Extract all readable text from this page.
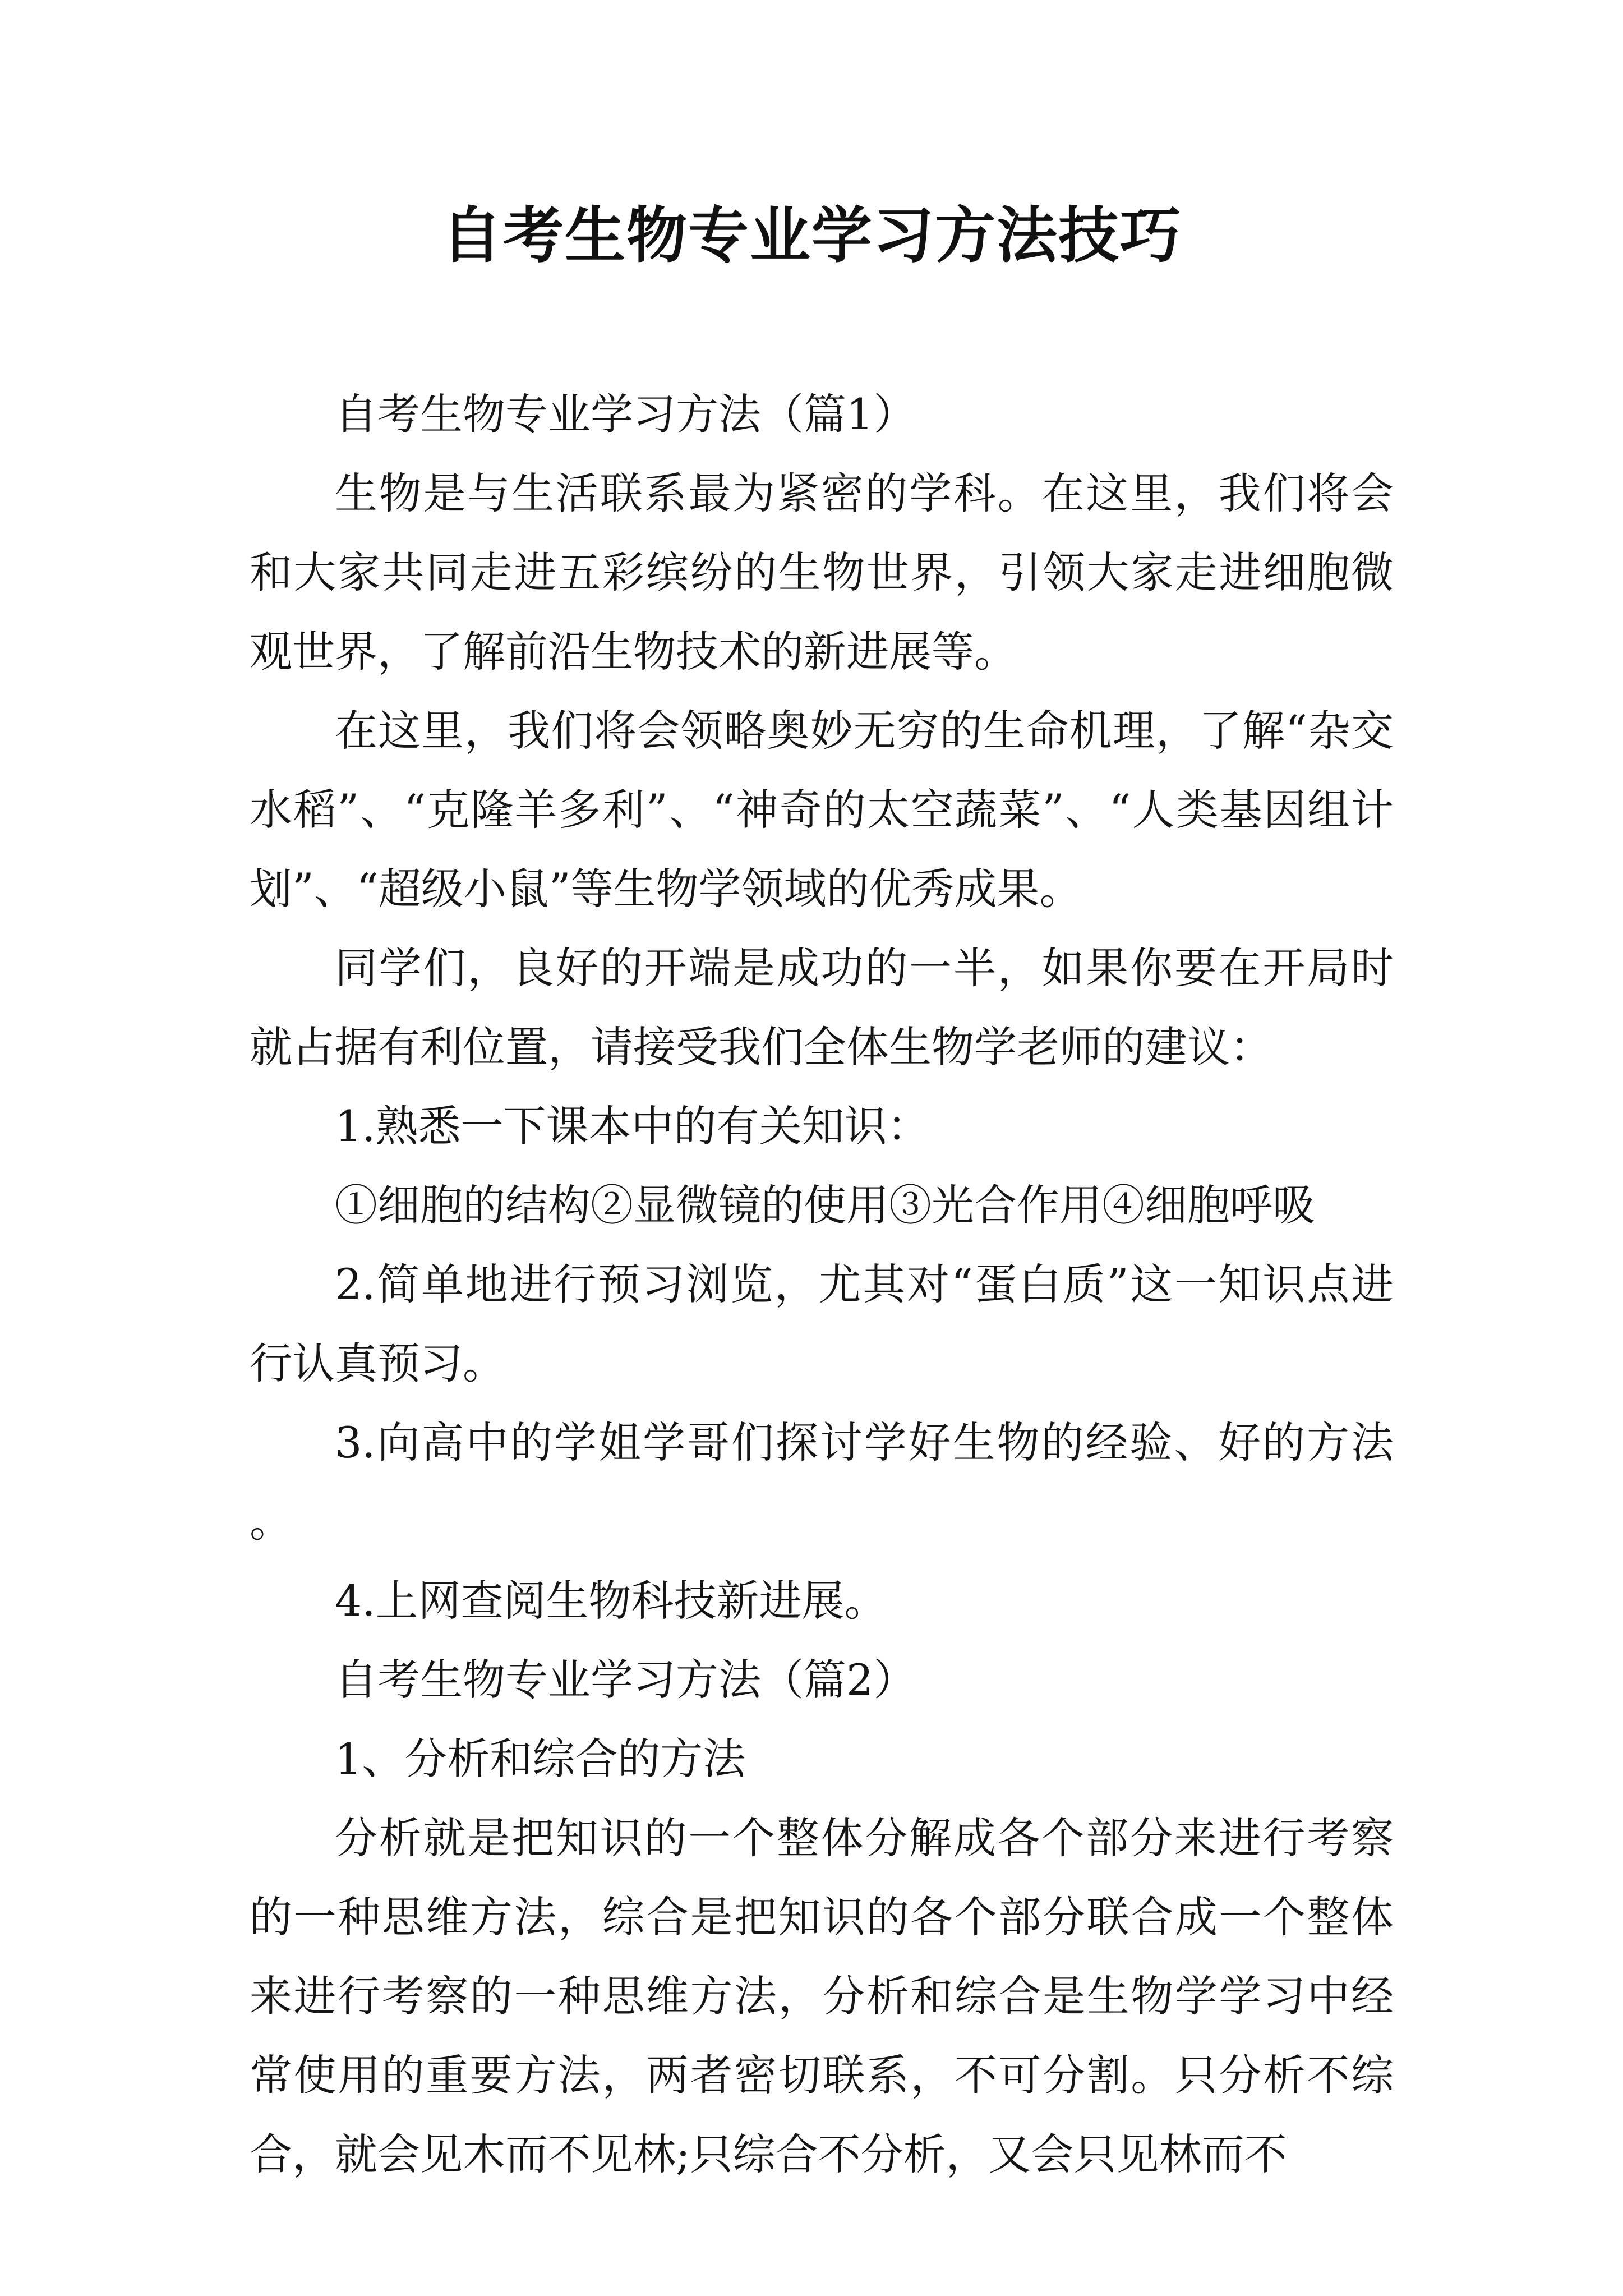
自考生物专业学习方法技巧

自考生物专业学习方法（篇1）

生物是与生活联系最为紧密的学科。在这里，我们将会和大家共同走进五彩缤纷的生物世界，引领大家走进细胞微观世界，了解前沿生物技术的新进展等。

在这里，我们将会领略奥妙无穷的生命机理，了解“杂交水稻”、“克隆羊多利”、“神奇的太空蔬菜”、“人类基因组计划”、“超级小鼠”等生物学领域的优秀成果。

同学们，良好的开端是成功的一半，如果你要在开局时就占据有利位置，请接受我们全体生物学老师的建议：

1.熟悉一下课本中的有关知识：

①细胞的结构②显微镜的使用③光合作用④细胞呼吸

2.简单地进行预习浏览，尤其对“蛋白质”这一知识点进行认真预习。

3.向高中的学姐学哥们探讨学好生物的经验、好的方法。

4.上网查阅生物科技新进展。

自考生物专业学习方法（篇2）

1、分析和综合的方法

分析就是把知识的一个整体分解成各个部分来进行考察的一种思维方法，综合是把知识的各个部分联合成一个整体来进行考察的一种思维方法，分析和综合是生物学学习中经常使用的重要方法，两者密切联系，不可分割。只分析不综合，就会见木而不见林;只综合不分析，又会只见林而不
